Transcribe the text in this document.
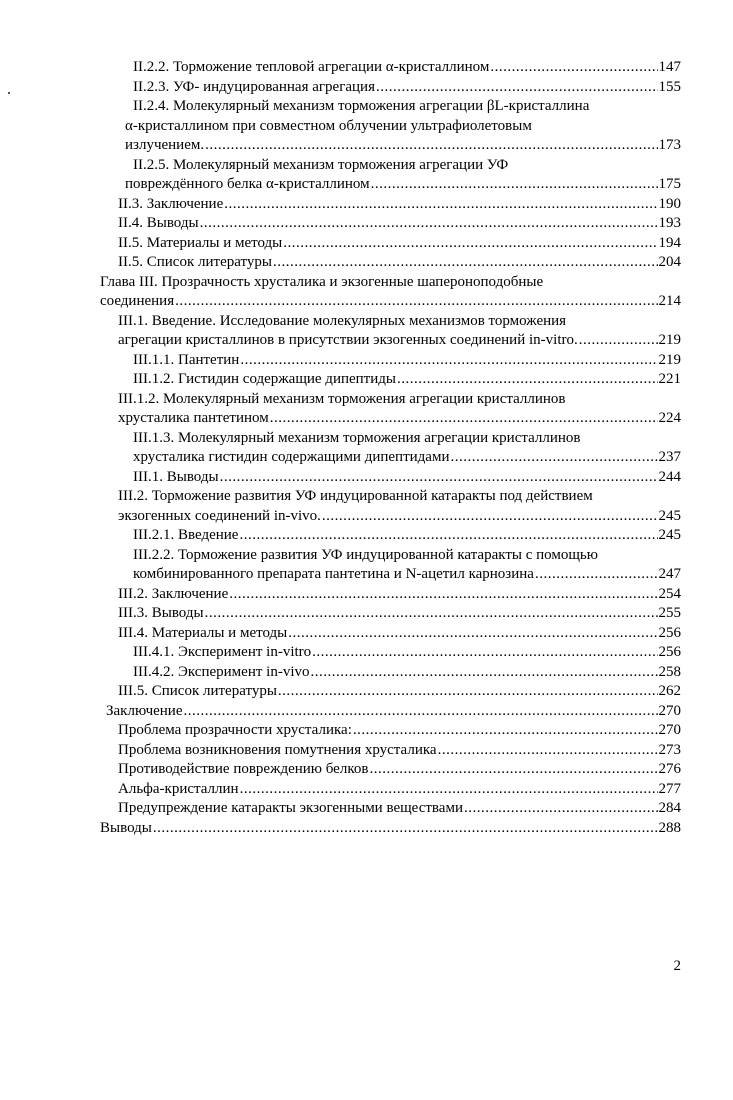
II.2.2. Торможение тепловой агрегации α-кристаллином .....	147
II.2.3. УФ- индуцированная агрегация .....	155
II.2.4. Молекулярный механизм торможения агрегации βL-кристаллина
α-кристаллином при совместном облучении ультрафиолетовым
излучением. .....	173
II.2.5. Молекулярный механизм торможения агрегации УФ
повреждённого белка α-кристаллином .....	175
II.3. Заключение .....	190
II.4. Выводы .....	193
II.5. Материалы и методы .....	194
II.5. Список литературы .....	204
Глава III. Прозрачность хрусталика и экзогенные шапероноподобные
соединения .....	214
III.1. Введение. Исследование молекулярных механизмов торможения
агрегации кристаллинов в присутствии экзогенных соединений in-vitro. .....	219
III.1.1. Пантетин .....	219
III.1.2. Гистидин содержащие дипептиды .....	221
III.1.2. Молекулярный механизм торможения агрегации кристаллинов
хрусталика пантетином .....	224
III.1.3. Молекулярный механизм торможения агрегации кристаллинов
хрусталика гистидин содержащими дипептидами .....	237
III.1. Выводы .....	244
III.2. Торможение развития УФ индуцированной катаракты под действием
экзогенных соединений in-vivo. .....	245
III.2.1. Введение .....	245
III.2.2. Торможение развития УФ индуцированной катаракты с помощью
комбинированного препарата пантетина и N-ацетил карнозина .....	247
III.2. Заключение .....	254
III.3. Выводы .....	255
III.4. Материалы и методы .....	256
III.4.1. Эксперимент in-vitro .....	256
III.4.2. Эксперимент in-vivo .....	258
III.5. Список литературы .....	262
Заключение .....	270
Проблема прозрачности хрусталика: .....	270
Проблема возникновения помутнения хрусталика .....	273
Противодействие повреждению белков .....	276
Альфа-кристаллин .....	277
Предупреждение катаракты экзогенными веществами .....	284
Выводы .....	288
2
